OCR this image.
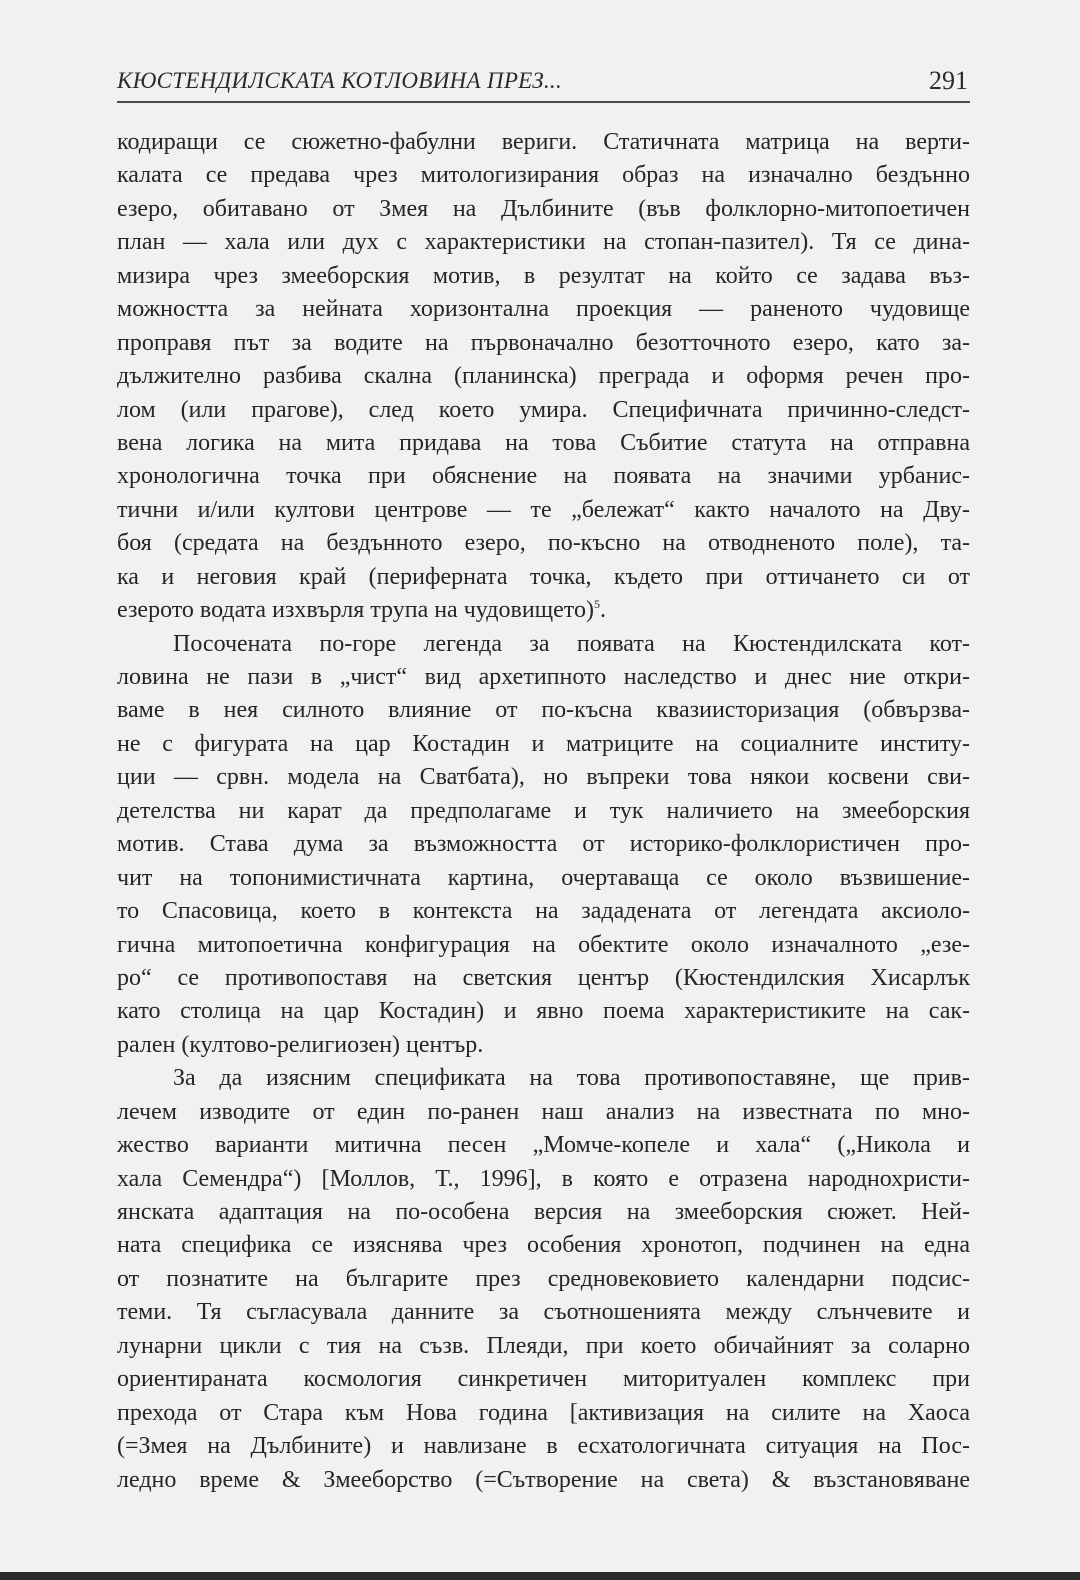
КЮСТЕНДИЛСКАТА КОТЛОВИНА ПРЕЗ...	291
кодиращи се сюжетно-фабулни вериги. Статичната матрица на верти-
калата се предава чрез митологизирания образ на изначално бездънно
езеро, обитавано от Змея на Дълбините (във фолклорно-митопоетичен
план — хала или дух с характеристики на стопан-пазител). Тя се дина-
мизира чрез змееборския мотив, в резултат на който се задава въз-
можността за нейната хоризонтална проекция — раненото чудовище
проправя път за водите на първоначално безотточното езеро, като за-
дължително разбива скална (планинска) преграда и оформя речен про-
лом (или прагове), след което умира. Специфичната причинно-следст-
вена логика на мита придава на това Събитие статута на отправна
хронологична точка при обяснение на появата на значими урбанис-
тични и/или култови центрове — те „бележат“ както началото на Дву-
боя (средата на бездънното езеро, по-късно на отводненото поле), та-
ка и неговия край (периферната точка, където при оттичането си от
езерото водата изхвърля трупа на чудовището)$^5$.
Посочената по-горе легенда за появата на Кюстендилската кот-
ловина не пази в „чист“ вид архетипното наследство и днес ние откри-
ваме в нея силното влияние от по-късна квазиисторизация (обвързва-
не с фигурата на цар Костадин и матриците на социалните институ-
ции — срвн. модела на Сватбата), но въпреки това някои косвени сви-
детелства ни карат да предполагаме и тук наличието на змееборския
мотив. Става дума за възможността от историко-фолклористичен про-
чит на топонимистичната картина, очертаваща се около възвишение-
то Спасовица, което в контекста на зададената от легендата аксиоло-
гична митопоетична конфигурация на обектите около изначалното „езе-
ро“ се противопоставя на светския център (Кюстендилския Хисарлък
като столица на цар Костадин) и явно поема характеристиките на сак-
рален (култово-религиозен) център.
За да изясним спецификата на това противопоставяне, ще прив-
лечем изводите от един по-ранен наш анализ на известната по мно-
жество варианти митична песен „Момче-копеле и хала“ („Никола и
хала Семендра“) [Моллов, Т., 1996], в която е отразена народнохристи-
янската адаптация на по-особена версия на змееборския сюжет. Ней-
ната специфика се изяснява чрез особения хронотоп, подчинен на една
от познатите на българите през средновековието календарни подсис-
теми. Тя съгласувала данните за съотношенията между слънчевите и
лунарни цикли с тия на съзв. Плеяди, при което обичайният за соларно
ориентираната космология синкретичен миторитуален комплекс при
прехода от Стара към Нова година [активизация на силите на Хаоса
(=Змея на Дълбините) и навлизане в есхатологичната ситуация на Пос-
ледно време & Змееборство (=Сътворение на света) & възстановяване
